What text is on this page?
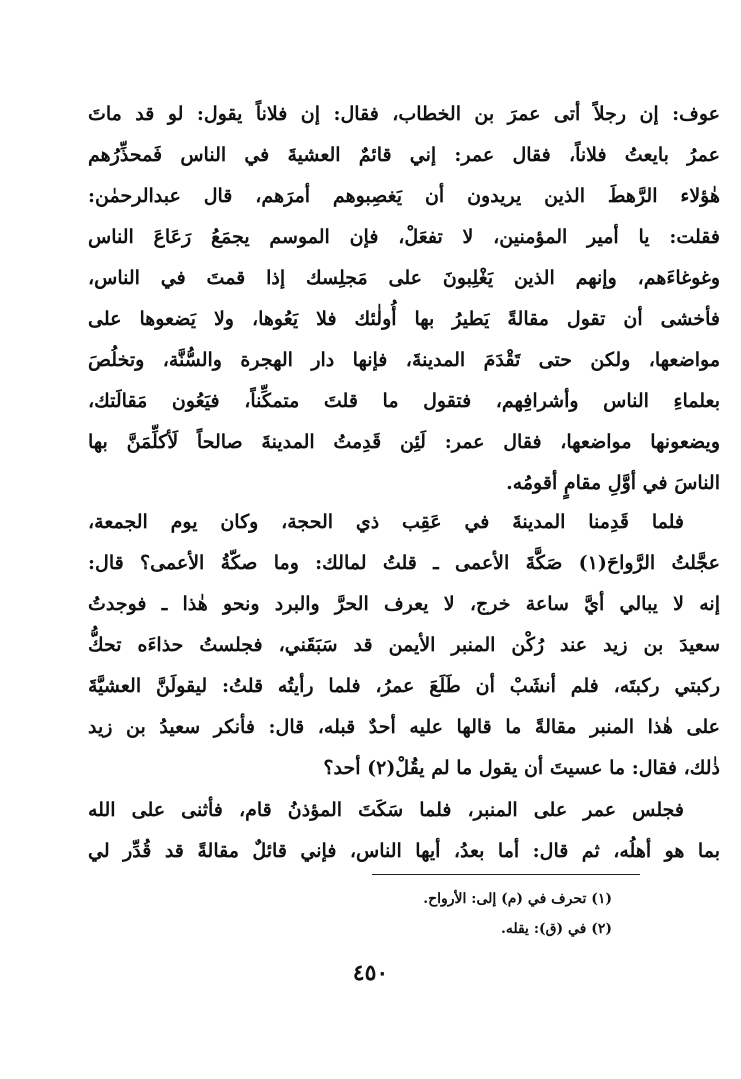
عوف: إن رجلاً أتى عمرَ بن الخطاب، فقال: إن فلاناً يقول: لو قد ماتَ
عمرُ بايعتُ فلاناً، فقال عمر: إني قائمٌ العشيةَ في الناس فَمحذِّرُهم
هٰؤلاء الرَّهطَ الذين يريدون أن يَغصِبوهم أمرَهم، قال عبدالرحمٰن:
فقلت: يا أمير المؤمنين، لا تفعَلْ، فإن الموسم يجمَعُ رَعَاعَ الناس
وغوغاءَهم، وإنهم الذين يَغْلِبونَ على مَجلِسك إذا قمتَ في الناس،
فأخشى أن تقول مقالةً يَطيرُ بها أُولٰئك فلا يَعُوها، ولا يَضعوها على
مواضعها، ولكن حتى تَقْدَمَ المدينةَ، فإنها دار الهجرة والسُّنَّة، وتخلُصَ
بعلماءِ الناس وأشرافِهم، فتقول ما قلتَ متمكِّناً، فيَعُون مَقالَتك،
ويضعونها مواضعها، فقال عمر: لَئِن قَدِمتُ المدينةَ صالحاً لَأكلِّمَنَّ بها
الناسَ في أوَّلِ مقامٍ أقومُه.
فلما قَدِمنا المدينةَ في عَقِب ذي الحجة، وكان يوم الجمعة،
عجَّلتُ الرَّواحَ(١) صَكَّةَ الأعمى ـ قلتُ لمالك: وما صكّةُ الأعمى؟ قال:
إنه لا يبالي أيَّ ساعة خرج، لا يعرف الحرَّ والبرد ونحو هٰذا ـ فوجدتُ
سعيدَ بن زيد عند رُكْن المنبر الأيمن قد سَبَقَني، فجلستُ حذاءَه تحكُّ
ركبتي ركبتَه، فلم أنشَبْ أن طَلَعَ عمرُ، فلما رأيتُه قلتُ: ليقولَنَّ العشيَّةَ
على هٰذا المنبر مقالةً ما قالها عليه أحدٌ قبله، قال: فأنكر سعيدُ بن زيد
ذٰلك، فقال: ما عسيتَ أن يقول ما لم يقُلْ(٢) أحد؟
فجلس عمر على المنبر، فلما سَكَتَ المؤذنُ قام، فأثنى على الله
بما هو أهلُه، ثم قال: أما بعدُ، أيها الناس، فإني قائلٌ مقالةً قد قُدِّر لي
(١) تحرف في (م) إلى: الأرواح.
(٢) في (ق): يقله.
٤٥٠
